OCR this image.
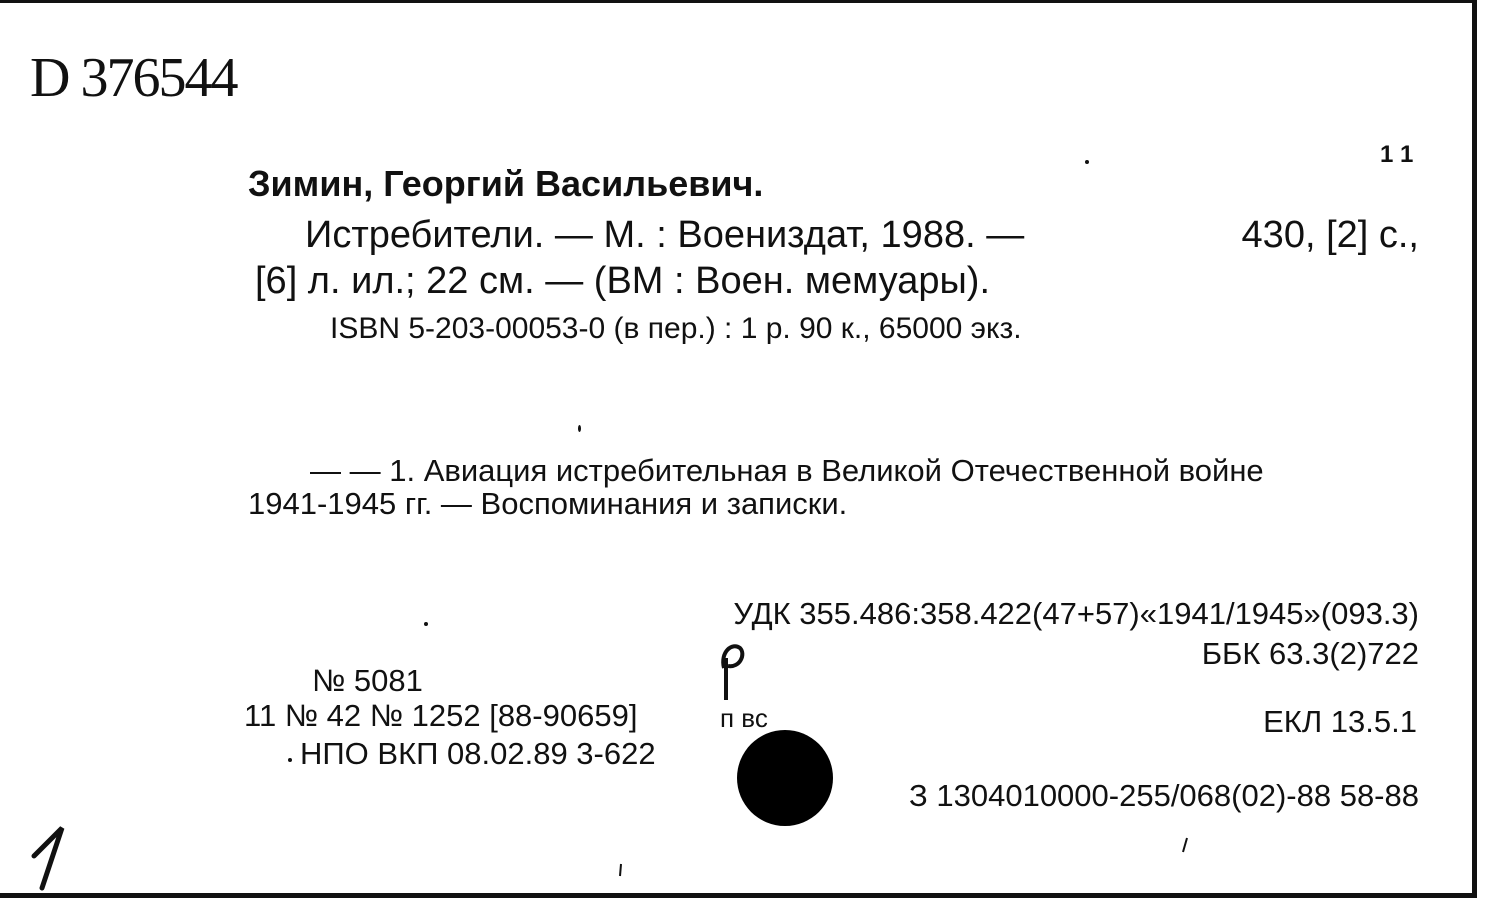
D 376544
1 1
Зимин, Георгий Васильевич.
Истребители. — М. : Воениздат, 1988. —	430, [2] с.,
[6] л. ил.; 22 см. — (ВМ : Воен. мемуары).
ISBN 5-203-00053-0 (в пер.) : 1 р. 90 к., 65000 экз.
— — 1. Авиация истребительная в Великой Отечественной войне
1941-1945 гг. — Воспоминания и записки.
УДК 355.486:358.422(47+57)«1941/1945»(093.3)
ББК 63.3(2)722
№ 5081
11 № 42 № 1252 [88-90659]	п вс
НПО ВКП 08.02.89 3-622
ЕКЛ 13.5.1
З 1304010000-255/068(02)-88 58-88
